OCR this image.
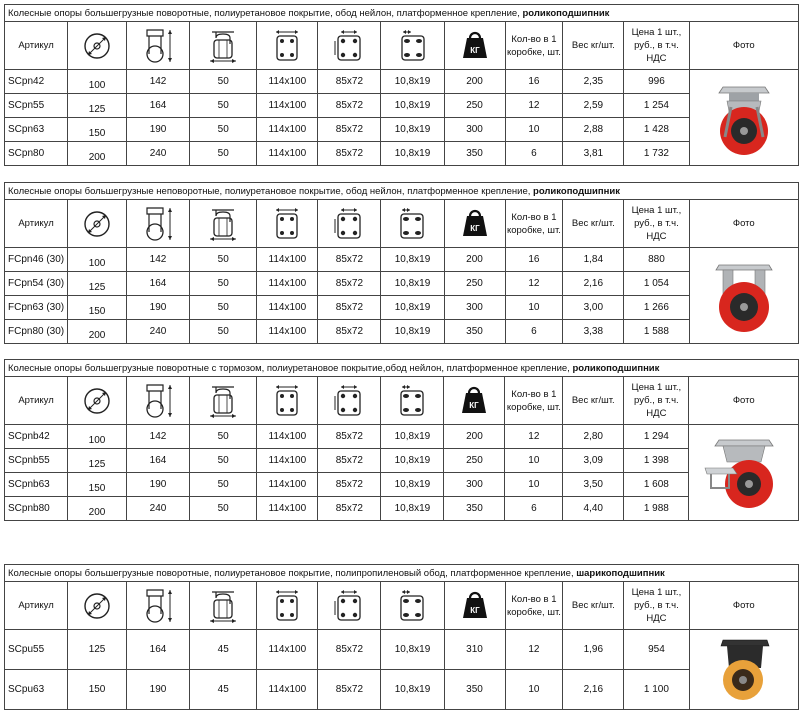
Колесные опоры большегрузные поворотные, полиуретановое покрытие, обод нейлон, платформенное крепление, роликоподшипник											
Артикул							КГ	Кол-во в 1 коробке, шт.	Вес кг/шт.	Цена 1 шт., руб., в т.ч. НДС	Фото
SCpn42	100	142	50	114x100	85x72	10,8x19	200	16	2,35	996	

SCpn55	125	164	50	114x100	85x72	10,8x19	250	12	2,59	1 254	
SCpn63	150	190	50	114x100	85x72	10,8x19	300	10	2,88	1 428	
SCpn80	200	240	50	114x100	85x72	10,8x19	350	6	3,81	1 732	
Колесные опоры большегрузные неповоротные, полиуретановое покрытие, обод нейлон, платформенное крепление, роликоподшипник											
Артикул							КГ	Кол-во в 1 коробке, шт.	Вес кг/шт.	Цена 1 шт., руб., в т.ч. НДС	Фото
FCpn46 (30)	100	142	50	114x100	85x72	10,8x19	200	16	1,84	880	

FCpn54 (30)	125	164	50	114x100	85x72	10,8x19	250	12	2,16	1 054	
FCpn63 (30)	150	190	50	114x100	85x72	10,8x19	300	10	3,00	1 266	
FCpn80 (30)	200	240	50	114x100	85x72	10,8x19	350	6	3,38	1 588	
Колесные опоры большегрузные поворотные с тормозом, полиуретановое покрытие,обод нейлон, платформенное крепление, роликоподшипник											
Артикул							КГ	Кол-во в 1 коробке, шт.	Вес кг/шт.	Цена 1 шт., руб., в т.ч. НДС	Фото
SCpnb42	100	142	50	114x100	85x72	10,8x19	200	12	2,80	1 294	

SCpnb55	125	164	50	114x100	85x72	10,8x19	250	10	3,09	1 398	
SCpnb63	150	190	50	114x100	85x72	10,8x19	300	10	3,50	1 608	
SCpnb80	200	240	50	114x100	85x72	10,8x19	350	6	4,40	1 988	
Колесные опоры большегрузные поворотные, полиуретановое покрытие, полипропиленовый обод, платформенное крепление, шарикоподшипник											
Артикул							КГ	Кол-во в 1 коробке, шт.	Вес кг/шт.	Цена 1 шт., руб., в т.ч. НДС	Фото
SCpu55	125	164	45	114x100	85x72	10,8x19	310	12	1,96	954	

SCpu63	150	190	45	114x100	85x72	10,8x19	350	10	2,16	1 100	
